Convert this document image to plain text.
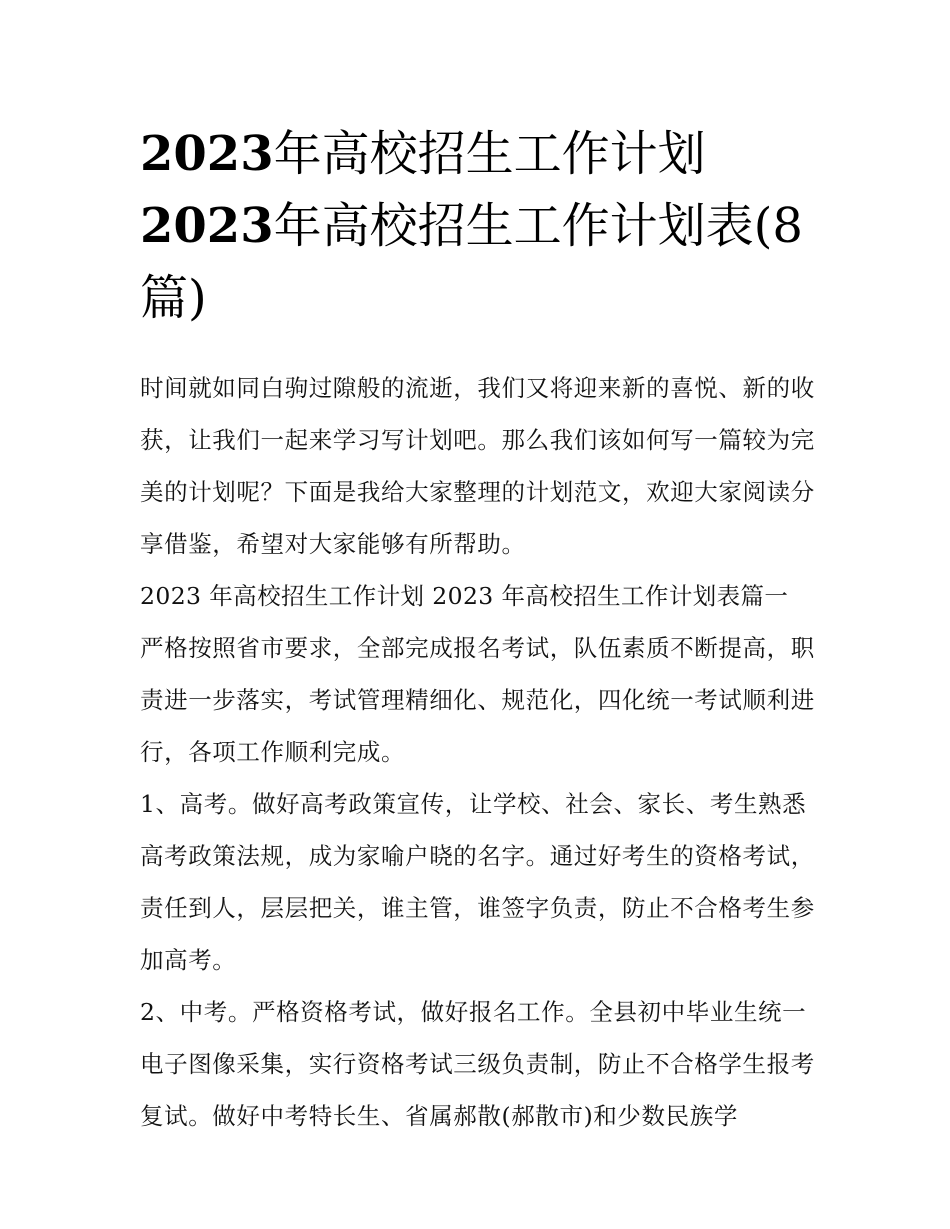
2023年高校招生工作计划
2023年高校招生工作计划表(8
篇)

时间就如同白驹过隙般的流逝，我们又将迎来新的喜悦、新的收获，让我们一起来学习写计划吧。那么我们该如何写一篇较为完美的计划呢？下面是我给大家整理的计划范文，欢迎大家阅读分享借鉴，希望对大家能够有所帮助。

2023 年高校招生工作计划 2023 年高校招生工作计划表篇一

严格按照省市要求，全部完成报名考试，队伍素质不断提高，职责进一步落实，考试管理精细化、规范化，四化统一考试顺利进行，各项工作顺利完成。

1、高考。做好高考政策宣传，让学校、社会、家长、考生熟悉高考政策法规，成为家喻户晓的名字。通过好考生的资格考试，责任到人，层层把关，谁主管，谁签字负责，防止不合格考生参加高考。

2、中考。严格资格考试，做好报名工作。全县初中毕业生统一电子图像采集，实行资格考试三级负责制，防止不合格学生报考复试。做好中考特长生、省属郝散(郝散市)和少数民族学
